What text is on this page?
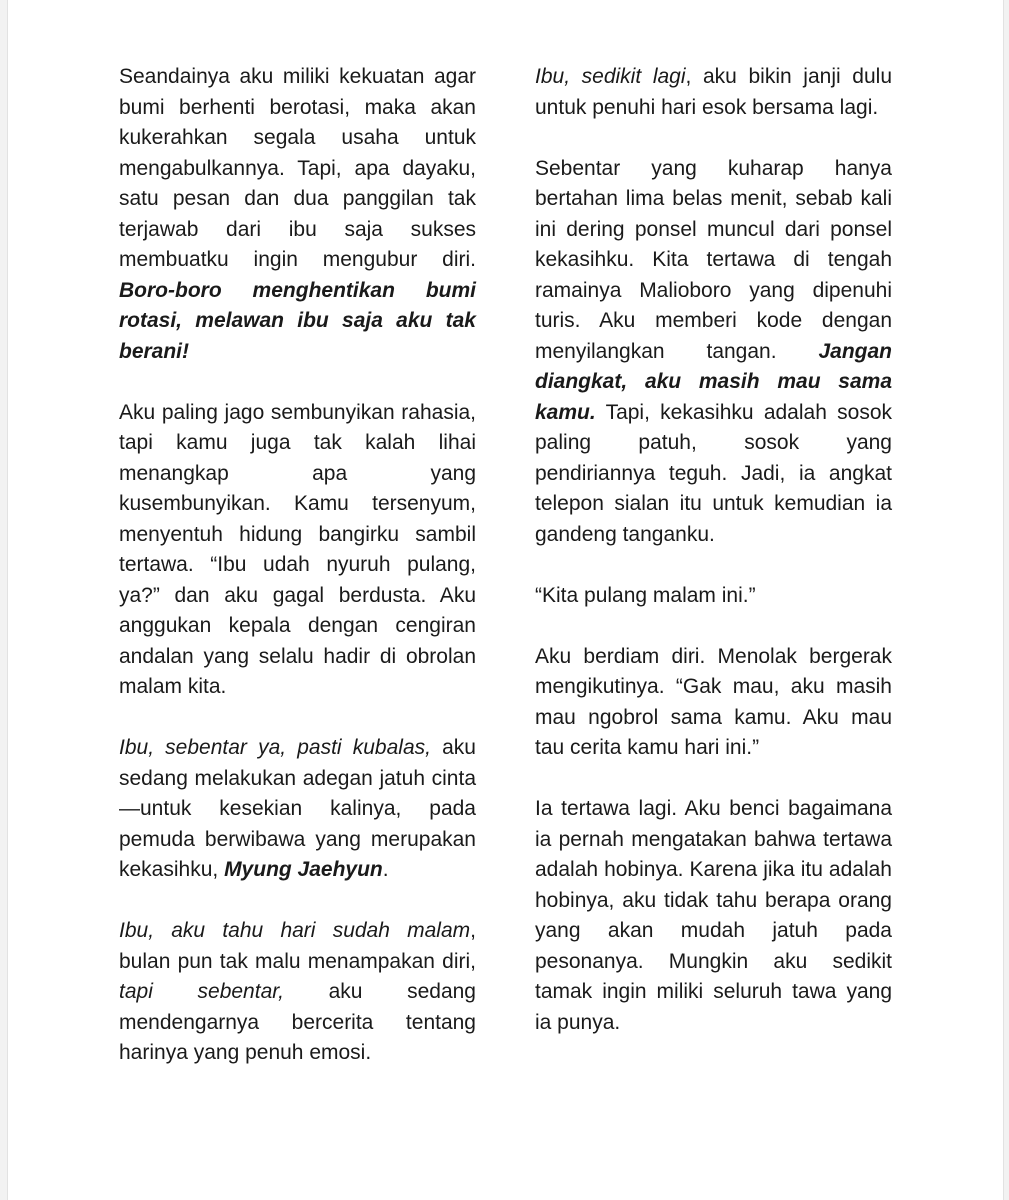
Seandainya aku miliki kekuatan agar bumi berhenti berotasi, maka akan kukerahkan segala usaha untuk mengabulkannya. Tapi, apa dayaku, satu pesan dan dua panggilan tak terjawab dari ibu saja sukses membuatku ingin mengubur diri. Boro-boro menghentikan bumi rotasi, melawan ibu saja aku tak berani!

Aku paling jago sembunyikan rahasia, tapi kamu juga tak kalah lihai menangkap apa yang kusembunyikan. Kamu tersenyum, menyentuh hidung bangirku sambil tertawa. “Ibu udah nyuruh pulang, ya?” dan aku gagal berdusta. Aku anggukan kepala dengan cengiran andalan yang selalu hadir di obrolan malam kita.

Ibu, sebentar ya, pasti kubalas, aku sedang melakukan adegan jatuh cinta—untuk kesekian kalinya, pada pemuda berwibawa yang merupakan kekasihku, Myung Jaehyun.

Ibu, aku tahu hari sudah malam, bulan pun tak malu menampakan diri, tapi sebentar, aku sedang mendengarnya bercerita tentang harinya yang penuh emosi.

Ibu, sedikit lagi, aku bikin janji dulu untuk penuhi hari esok bersama lagi.

Sebentar yang kuharap hanya bertahan lima belas menit, sebab kali ini dering ponsel muncul dari ponsel kekasihku. Kita tertawa di tengah ramainya Malioboro yang dipenuhi turis. Aku memberi kode dengan menyilangkan tangan. Jangan diangkat, aku masih mau sama kamu. Tapi, kekasihku adalah sosok paling patuh, sosok yang pendiriannya teguh. Jadi, ia angkat telepon sialan itu untuk kemudian ia gandeng tanganku.

“Kita pulang malam ini.”

Aku berdiam diri. Menolak bergerak mengikutinya. “Gak mau, aku masih mau ngobrol sama kamu. Aku mau tau cerita kamu hari ini.”

Ia tertawa lagi. Aku benci bagaimana ia pernah mengatakan bahwa tertawa adalah hobinya. Karena jika itu adalah hobinya, aku tidak tahu berapa orang yang akan mudah jatuh pada pesonanya. Mungkin aku sedikit tamak ingin miliki seluruh tawa yang ia punya.
